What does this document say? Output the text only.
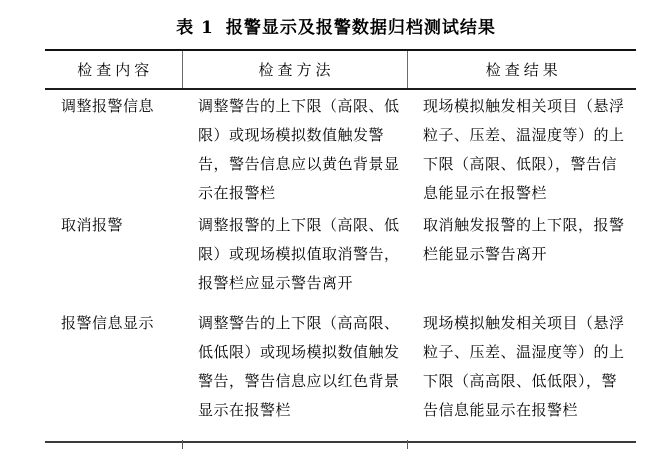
表 1 报警显示及报警数据归档测试结果
检查内容	检查方法	检查结果
调整报警信息	调整警告的上下限（高限、低限）或现场模拟数值触发警告，警告信息应以黄色背景显示在报警栏	现场模拟触发相关项目（悬浮粒子、压差、温湿度等）的上下限（高限、低限），警告信息能显示在报警栏
取消报警	调整报警的上下限（高限、低限）或现场模拟值取消警告，报警栏应显示警告离开	取消触发报警的上下限，报警栏能显示警告离开
报警信息显示	调整警告的上下限（高高限、低低限）或现场模拟数值触发警告，警告信息应以红色背景显示在报警栏	现场模拟触发相关项目（悬浮粒子、压差、温湿度等）的上下限（高高限、低低限），警告信息能显示在报警栏
